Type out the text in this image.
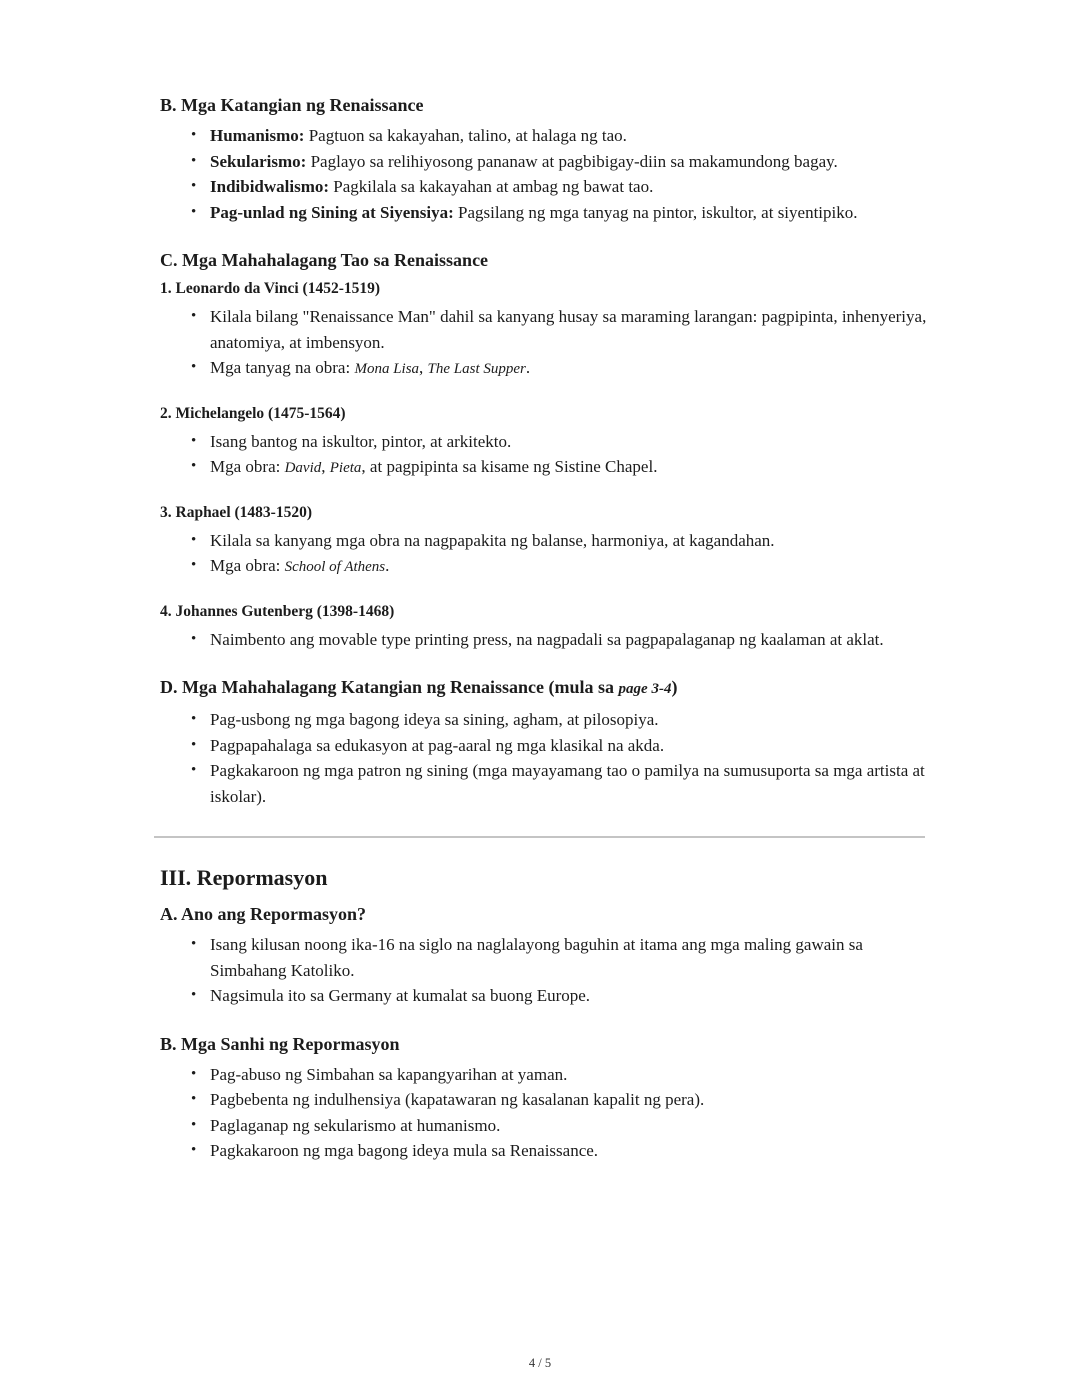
B. Mga Katangian ng Renaissance
• Humanismo: Pagtuon sa kakayahan, talino, at halaga ng tao.
• Sekularismo: Paglayo sa relihiyosong pananaw at pagbibigay-diin sa makamundong bagay.
• Indibidwalismo: Pagkilala sa kakayahan at ambag ng bawat tao.
• Pag-unlad ng Sining at Siyensiya: Pagsilang ng mga tanyag na pintor, iskultor, at siyentipiko.
C. Mga Mahahalagang Tao sa Renaissance
1. Leonardo da Vinci (1452-1519)
• Kilala bilang "Renaissance Man" dahil sa kanyang husay sa maraming larangan: pagpipinta, inhenyeriya, anatomiya, at imbensyon.
• Mga tanyag na obra: Mona Lisa, The Last Supper.
2. Michelangelo (1475-1564)
• Isang bantog na iskultor, pintor, at arkitekto.
• Mga obra: David, Pieta, at pagpipinta sa kisame ng Sistine Chapel.
3. Raphael (1483-1520)
• Kilala sa kanyang mga obra na nagpapakita ng balanse, harmoniya, at kagandahan.
• Mga obra: School of Athens.
4. Johannes Gutenberg (1398-1468)
• Naimbento ang movable type printing press, na nagpadali sa pagpapalaganap ng kaalaman at aklat.
D. Mga Mahahalagang Katangian ng Renaissance (mula sa page 3-4)
• Pag-usbong ng mga bagong ideya sa sining, agham, at pilosopiya.
• Pagpapahalaga sa edukasyon at pag-aaral ng mga klasikal na akda.
• Pagkakaroon ng mga patron ng sining (mga mayayamang tao o pamilya na sumusuporta sa mga artista at iskolar).
III. Repormasyon
A. Ano ang Repormasyon?
• Isang kilusan noong ika-16 na siglo na naglalayong baguhin at itama ang mga maling gawain sa Simbahang Katoliko.
• Nagsimula ito sa Germany at kumalat sa buong Europe.
B. Mga Sanhi ng Repormasyon
• Pag-abuso ng Simbahan sa kapangyarihan at yaman.
• Pagbebenta ng indulhensiya (kapatawaran ng kasalanan kapalit ng pera).
• Paglaganap ng sekularismo at humanismo.
• Pagkakaroon ng mga bagong ideya mula sa Renaissance.
4 / 5
